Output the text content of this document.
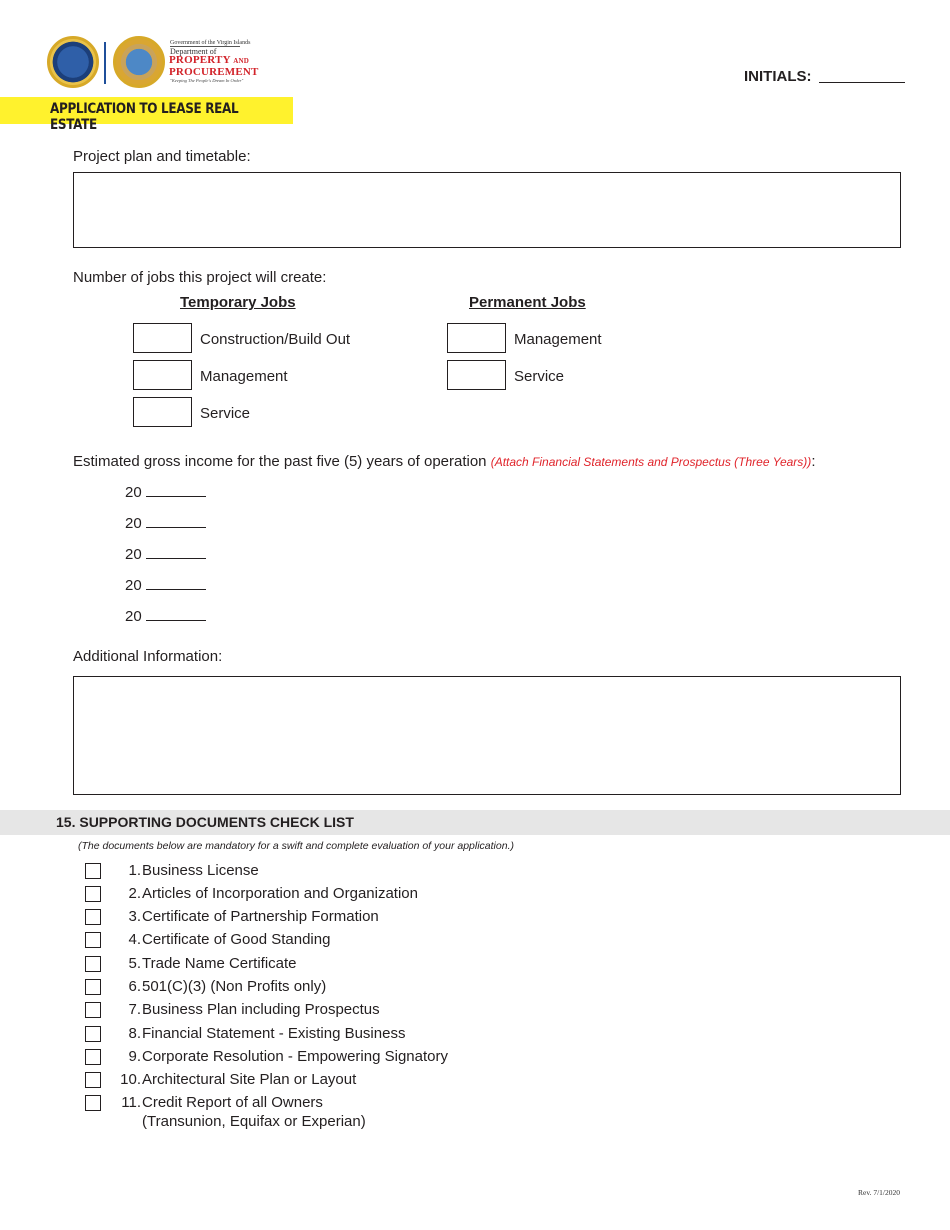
Government of the Virgin Islands
Department of
PROPERTY AND
PROCUREMENT
"Keeping The People's Dream In Order"
APPLICATION TO LEASE REAL ESTATE
INITIALS:
Project plan and timetable:
Number of jobs this project will create:
Temporary Jobs	Permanent Jobs
Construction/Build Out
Management
Service
Management
Service
Estimated gross income for the past five (5) years of operation (Attach Financial Statements and Prospectus (Three Years)):
20
20
20
20
20
Additional Information:
15. SUPPORTING DOCUMENTS CHECK LIST
(The documents below are mandatory for a swift and complete evaluation of your application.)
1. Business License
2. Articles of Incorporation and Organization
3. Certificate of Partnership Formation
4. Certificate of Good Standing
5. Trade Name Certificate
6. 501(C)(3) (Non Profits only)
7. Business Plan including Prospectus
8. Financial Statement - Existing Business
9. Corporate Resolution - Empowering Signatory
10. Architectural Site Plan or Layout
11. Credit Report of all Owners
(Transunion, Equifax or Experian)
Rev. 7/1/2020
